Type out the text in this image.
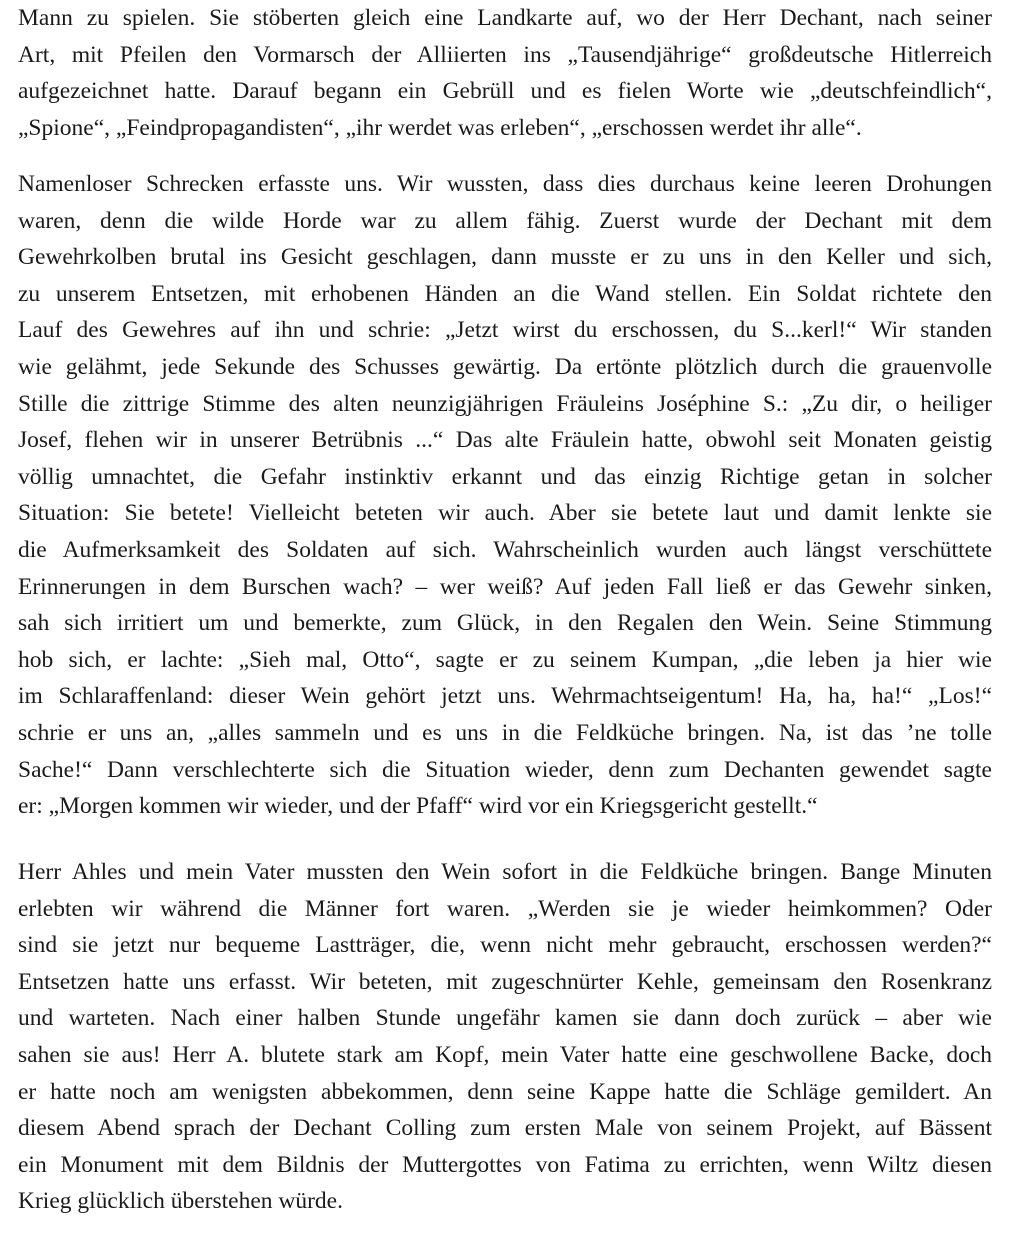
Mann zu spielen. Sie stöberten gleich eine Landkarte auf, wo der Herr Dechant, nach seiner
Art, mit Pfeilen den Vormarsch der Alliierten ins „Tausendjährige“ großdeutsche Hitlerreich
aufgezeichnet hatte. Darauf begann ein Gebrüll und es fielen Worte wie „deutschfeindlich“,
„Spione“, „Feindpropagandisten“, „ihr werdet was erleben“, „erschossen werdet ihr alle“.
Namenloser Schrecken erfasste uns. Wir wussten, dass dies durchaus keine leeren Drohungen
waren, denn die wilde Horde war zu allem fähig. Zuerst wurde der Dechant mit dem
Gewehrkolben brutal ins Gesicht geschlagen, dann musste er zu uns in den Keller und sich,
zu unserem Entsetzen, mit erhobenen Händen an die Wand stellen. Ein Soldat richtete den
Lauf des Gewehres auf ihn und schrie: „Jetzt wirst du erschossen, du S...kerl!“ Wir standen
wie gelähmt, jede Sekunde des Schusses gewärtig. Da ertönte plötzlich durch die grauenvolle
Stille die zittrige Stimme des alten neunzigjährigen Fräuleins Joséphine S.: „Zu dir, o heiliger
Josef, flehen wir in unserer Betrübnis ...“ Das alte Fräulein hatte, obwohl seit Monaten geistig
völlig umnachtet, die Gefahr instinktiv erkannt und das einzig Richtige getan in solcher
Situation: Sie betete! Vielleicht beteten wir auch. Aber sie betete laut und damit lenkte sie
die Aufmerksamkeit des Soldaten auf sich. Wahrscheinlich wurden auch längst verschüttete
Erinnerungen in dem Burschen wach? – wer weiß? Auf jeden Fall ließ er das Gewehr sinken,
sah sich irritiert um und bemerkte, zum Glück, in den Regalen den Wein. Seine Stimmung
hob sich, er lachte: „Sieh mal, Otto“, sagte er zu seinem Kumpan, „die leben ja hier wie
im Schlaraffenland: dieser Wein gehört jetzt uns. Wehrmachtseigentum! Ha, ha, ha!“ „Los!“
schrie er uns an, „alles sammeln und es uns in die Feldküche bringen. Na, ist das ’ne tolle
Sache!“ Dann verschlechterte sich die Situation wieder, denn zum Dechanten gewendet sagte
er: „Morgen kommen wir wieder, und der Pfaff“ wird vor ein Kriegsgericht gestellt.“
Herr Ahles und mein Vater mussten den Wein sofort in die Feldküche bringen. Bange Minuten
erlebten wir während die Männer fort waren. „Werden sie je wieder heimkommen? Oder
sind sie jetzt nur bequeme Lastträger, die, wenn nicht mehr gebraucht, erschossen werden?“
Entsetzen hatte uns erfasst. Wir beteten, mit zugeschnürter Kehle, gemeinsam den Rosenkranz
und warteten. Nach einer halben Stunde ungefähr kamen sie dann doch zurück – aber wie
sahen sie aus! Herr A. blutete stark am Kopf, mein Vater hatte eine geschwollene Backe, doch
er hatte noch am wenigsten abbekommen, denn seine Kappe hatte die Schläge gemildert. An
diesem Abend sprach der Dechant Colling zum ersten Male von seinem Projekt, auf Bässent
ein Monument mit dem Bildnis der Muttergottes von Fatima zu errichten, wenn Wiltz diesen
Krieg glücklich überstehen würde.
